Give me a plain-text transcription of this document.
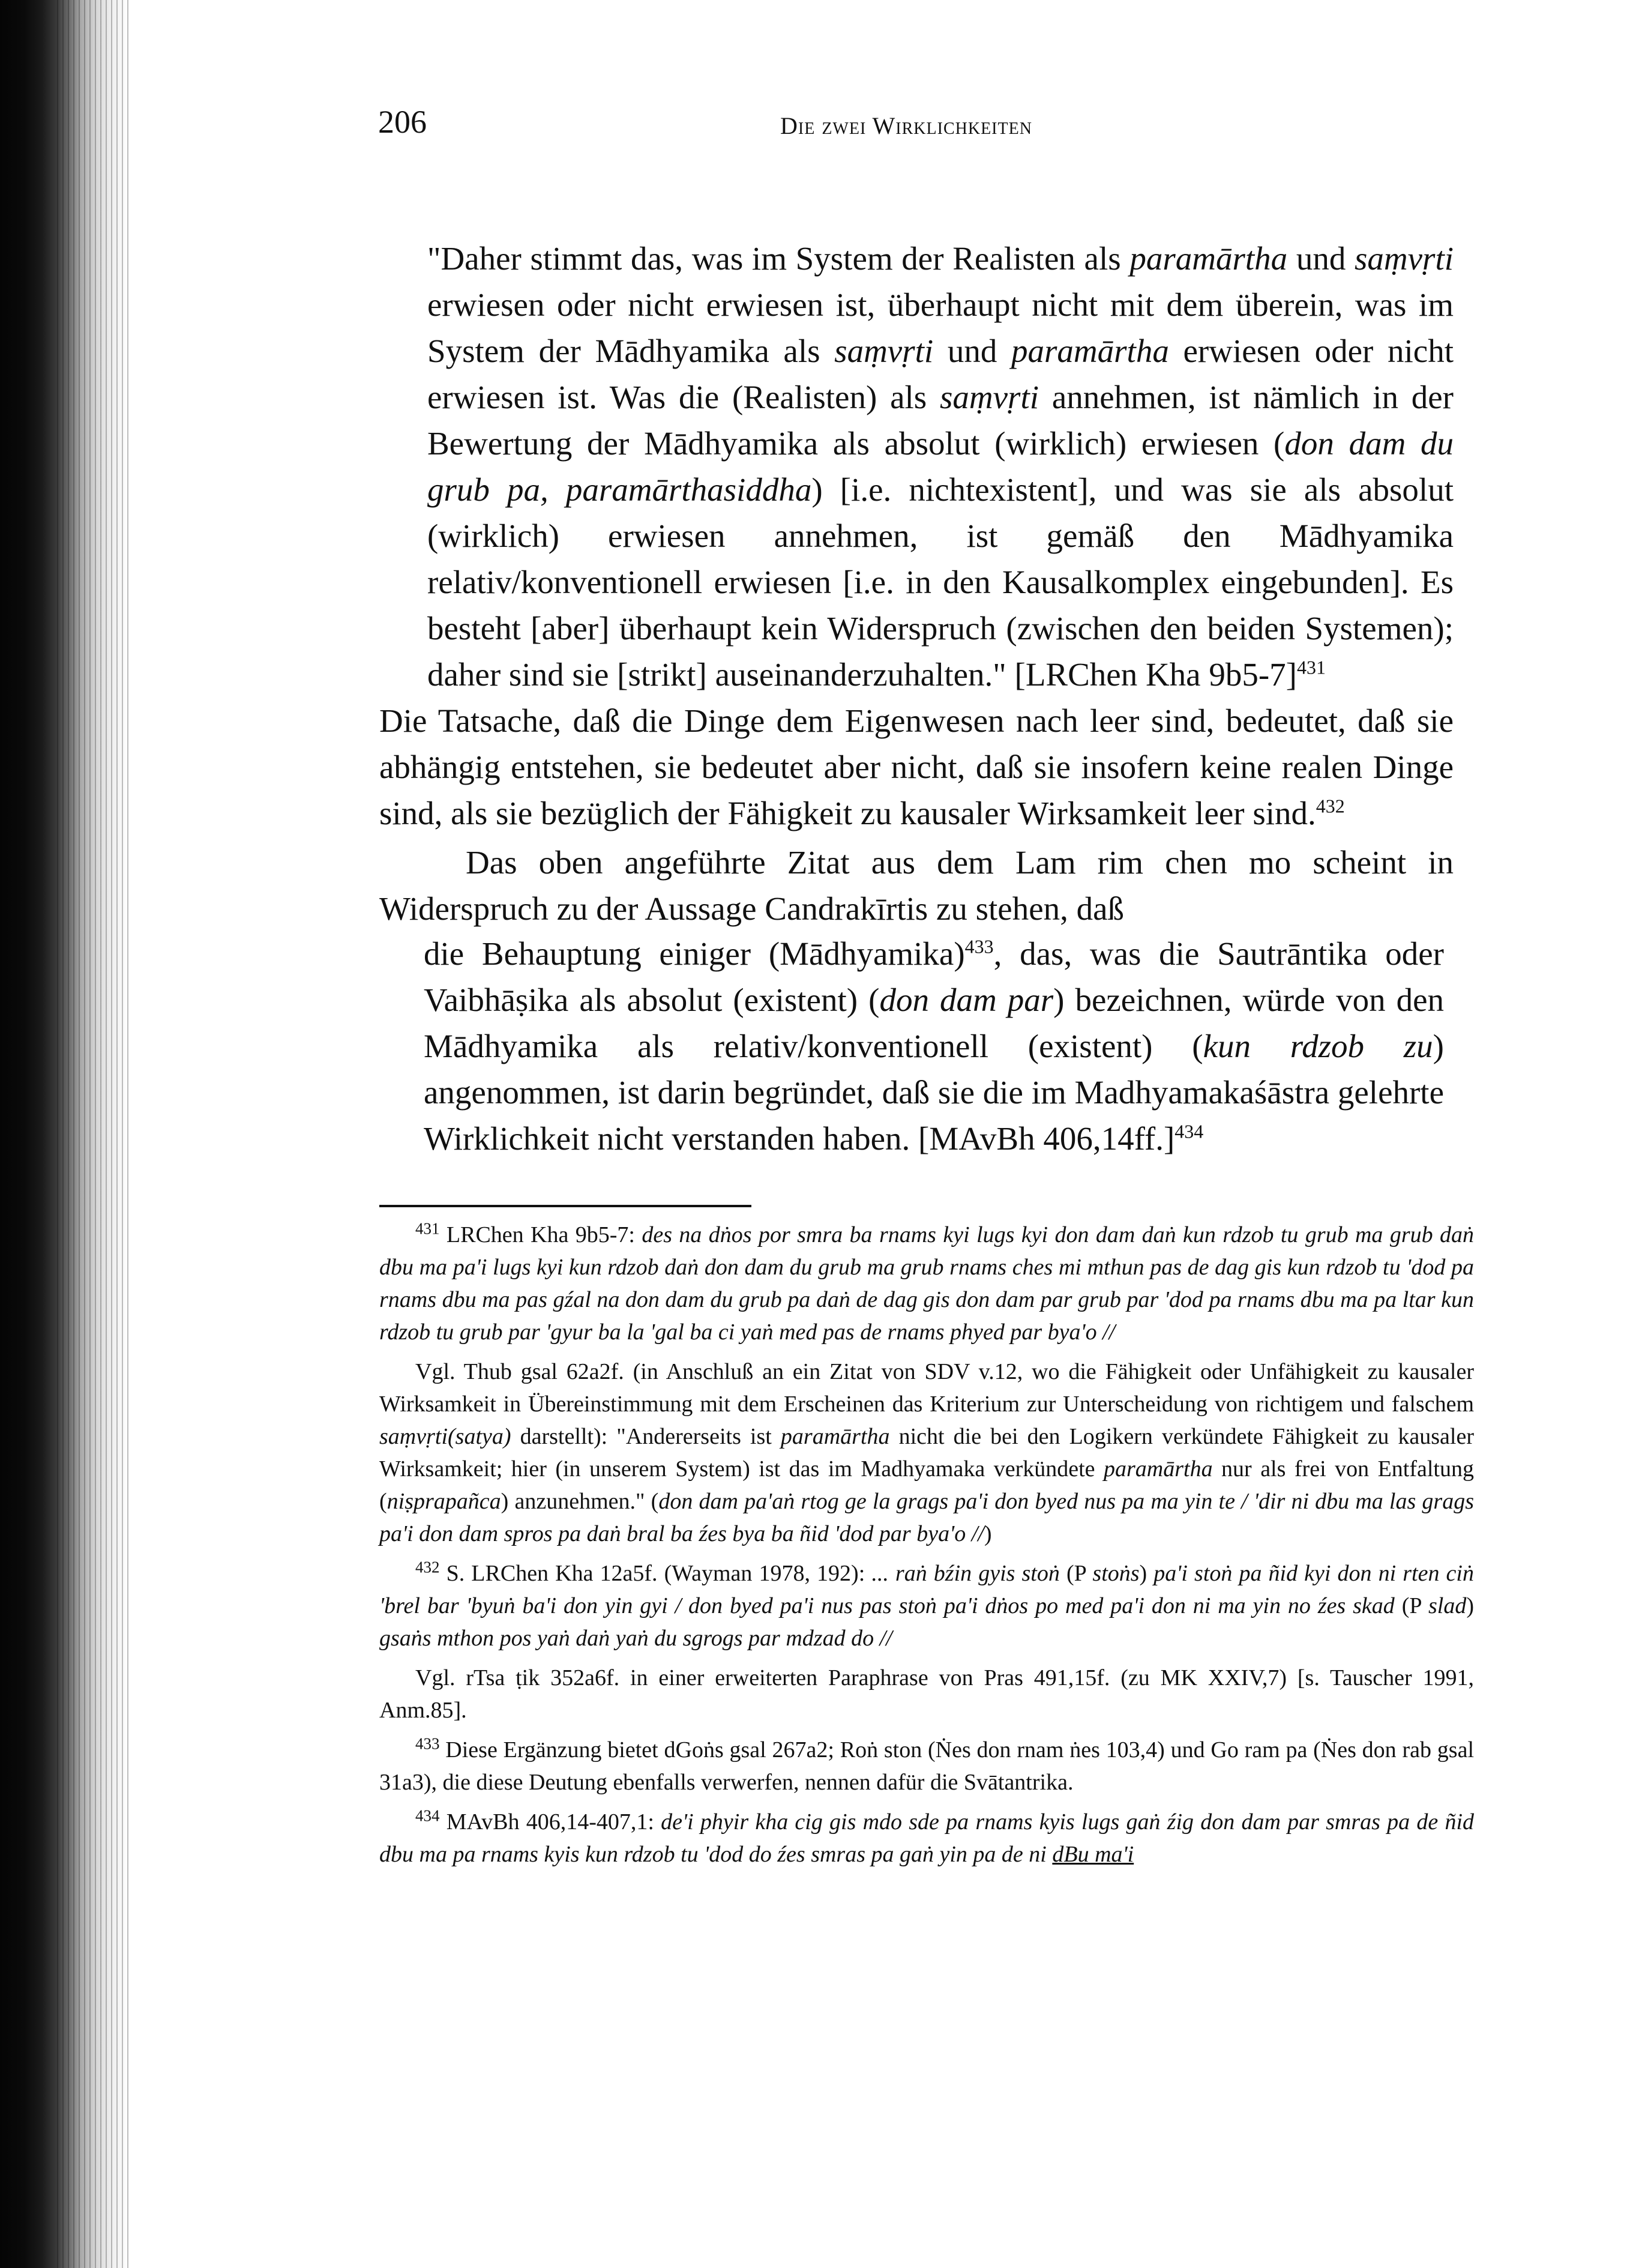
206	Die zwei Wirklichkeiten

"Daher stimmt das, was im System der Realisten als paramārtha und saṃvṛti erwiesen oder nicht erwiesen ist, überhaupt nicht mit dem überein, was im System der Mādhyamika als saṃvṛti und paramārtha erwiesen oder nicht erwiesen ist. Was die (Realisten) als saṃvṛti annehmen, ist nämlich in der Bewertung der Mādhyamika als absolut (wirklich) erwiesen (don dam du grub pa, paramārthasiddha) [i.e. nichtexistent], und was sie als absolut (wirklich) erwiesen annehmen, ist gemäß den Mādhyamika relativ/konventionell erwiesen [i.e. in den Kausalkomplex eingebunden]. Es besteht [aber] überhaupt kein Widerspruch (zwischen den beiden Systemen); daher sind sie [strikt] auseinanderzuhalten." [LRChen Kha 9b5-7]$^{431}$

Die Tatsache, daß die Dinge dem Eigenwesen nach leer sind, bedeutet, daß sie abhängig entstehen, sie bedeutet aber nicht, daß sie insofern keine realen Dinge sind, als sie bezüglich der Fähigkeit zu kausaler Wirksamkeit leer sind.$^{432}$

Das oben angeführte Zitat aus dem Lam rim chen mo scheint in Widerspruch zu der Aussage Candrakīrtis zu stehen, daß

die Behauptung einiger (Mādhyamika)$^{433}$, das, was die Sautrāntika oder Vaibhāṣika als absolut (existent) (don dam par) bezeichnen, würde von den Mādhyamika als relativ/konventionell (existent) (kun rdzob zu) angenommen, ist darin begründet, daß sie die im Madhyamakaśāstra gelehrte Wirklichkeit nicht verstanden haben. [MAvBh 406,14ff.]$^{434}$

$^{431}$ LRChen Kha 9b5-7: des na dṅos por smra ba rnams kyi lugs kyi don dam daṅ kun rdzob tu grub ma grub daṅ dbu ma pa'i lugs kyi kun rdzob daṅ don dam du grub ma grub rnams ches mi mthun pas de dag gis kun rdzob tu 'dod pa rnams dbu ma pas gźal na don dam du grub pa daṅ de dag gis don dam par grub par 'dod pa rnams dbu ma pa ltar kun rdzob tu grub par 'gyur ba la 'gal ba ci yaṅ med pas de rnams phyed par bya'o //

Vgl. Thub gsal 62a2f. (in Anschluß an ein Zitat von SDV v.12, wo die Fähigkeit oder Unfähigkeit zu kausaler Wirksamkeit in Übereinstimmung mit dem Erscheinen das Kriterium zur Unterscheidung von richtigem und falschem saṃvṛti(satya) darstellt): "Andererseits ist paramārtha nicht die bei den Logikern verkündete Fähigkeit zu kausaler Wirksamkeit; hier (in unserem System) ist das im Madhyamaka verkündete paramārtha nur als frei von Entfaltung (niṣprapañca) anzunehmen." (don dam pa'aṅ rtog ge la grags pa'i don byed nus pa ma yin te / 'dir ni dbu ma las grags pa'i don dam spros pa daṅ bral ba źes bya ba ñid 'dod par bya'o //)

$^{432}$ S. LRChen Kha 12a5f. (Wayman 1978, 192): ... raṅ bźin gyis stoṅ (P stoṅs) pa'i stoṅ pa ñid kyi don ni rten ciṅ 'brel bar 'byuṅ ba'i don yin gyi / don byed pa'i nus pas stoṅ pa'i dṅos po med pa'i don ni ma yin no źes skad (P slad) gsaṅs mthon pos yaṅ daṅ yaṅ du sgrogs par mdzad do //

Vgl. rTsa ṭik 352a6f. in einer erweiterten Paraphrase von Pras 491,15f. (zu MK XXIV,7) [s. Tauscher 1991, Anm.85].

$^{433}$ Diese Ergänzung bietet dGoṅs gsal 267a2; Roṅ ston (Ṅes don rnam ṅes 103,4) und Go ram pa (Ṅes don rab gsal 31a3), die diese Deutung ebenfalls verwerfen, nennen dafür die Svātantrika.

$^{434}$ MAvBh 406,14-407,1: de'i phyir kha cig gis mdo sde pa rnams kyis lugs gaṅ źig don dam par smras pa de ñid dbu ma pa rnams kyis kun rdzob tu 'dod do źes smras pa gaṅ yin pa de ni dBu ma'i
